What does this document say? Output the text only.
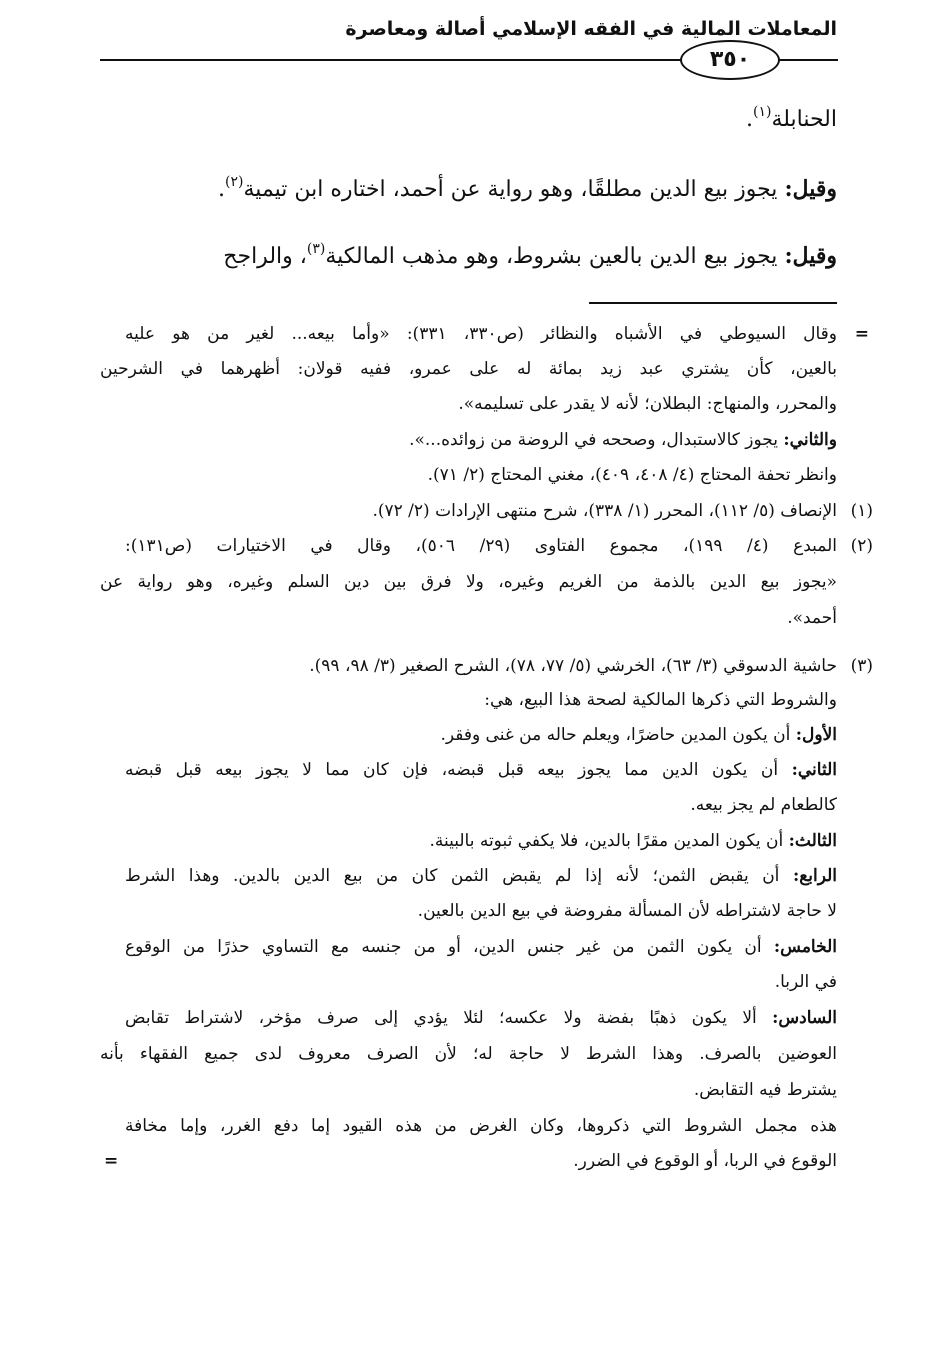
المعاملات المالية في الفقه الإسلامي أصالة ومعاصرة
٣٥٠
الحنابلة$^{(١)}$.
وقيل: يجوز بيع الدين مطلقًا، وهو رواية عن أحمد، اختاره ابن تيمية$^{(٢)}$.
وقيل: يجوز بيع الدين بالعين بشروط، وهو مذهب المالكية$^{(٣)}$، والراجح
=
وقال السيوطي في الأشباه والنظائر (ص٣٣٠، ٣٣١): «وأما بيعه... لغير من هو عليه
بالعين، كأن يشتري عبد زيد بمائة له على عمرو، ففيه قولان: أظهرهما في الشرحين
والمحرر، والمنهاج: البطلان؛ لأنه لا يقدر على تسليمه».
والثاني: يجوز كالاستبدال، وصححه في الروضة من زوائده...».
وانظر تحفة المحتاج (٤/ ٤٠٨، ٤٠٩)، مغني المحتاج (٢/ ٧١).
(١)
الإنصاف (٥/ ١١٢)، المحرر (١/ ٣٣٨)، شرح منتهى الإرادات (٢/ ٧٢).
(٢)
المبدع (٤/ ١٩٩)، مجموع الفتاوى (٢٩/ ٥٠٦)، وقال في الاختيارات (ص١٣١):
«يجوز بيع الدين بالذمة من الغريم وغيره، ولا فرق بين دين السلم وغيره، وهو رواية عن
أحمد».
(٣)
حاشية الدسوقي (٣/ ٦٣)، الخرشي (٥/ ٧٧، ٧٨)، الشرح الصغير (٣/ ٩٨، ٩٩).
والشروط التي ذكرها المالكية لصحة هذا البيع، هي:
الأول: أن يكون المدين حاضرًا، ويعلم حاله من غنى وفقر.
الثاني: أن يكون الدين مما يجوز بيعه قبل قبضه، فإن كان مما لا يجوز بيعه قبل قبضه
كالطعام لم يجز بيعه.
الثالث: أن يكون المدين مقرًا بالدين، فلا يكفي ثبوته بالبينة.
الرابع: أن يقبض الثمن؛ لأنه إذا لم يقبض الثمن كان من بيع الدين بالدين. وهذا الشرط
لا حاجة لاشتراطه لأن المسألة مفروضة في بيع الدين بالعين.
الخامس: أن يكون الثمن من غير جنس الدين، أو من جنسه مع التساوي حذرًا من الوقوع
في الربا.
السادس: ألا يكون ذهبًا بفضة ولا عكسه؛ لئلا يؤدي إلى صرف مؤخر، لاشتراط تقابض
العوضين بالصرف. وهذا الشرط لا حاجة له؛ لأن الصرف معروف لدى جميع الفقهاء بأنه
يشترط فيه التقابض.
هذه مجمل الشروط التي ذكروها، وكان الغرض من هذه القيود إما دفع الغرر، وإما مخافة
الوقوع في الربا، أو الوقوع في الضرر.
=
